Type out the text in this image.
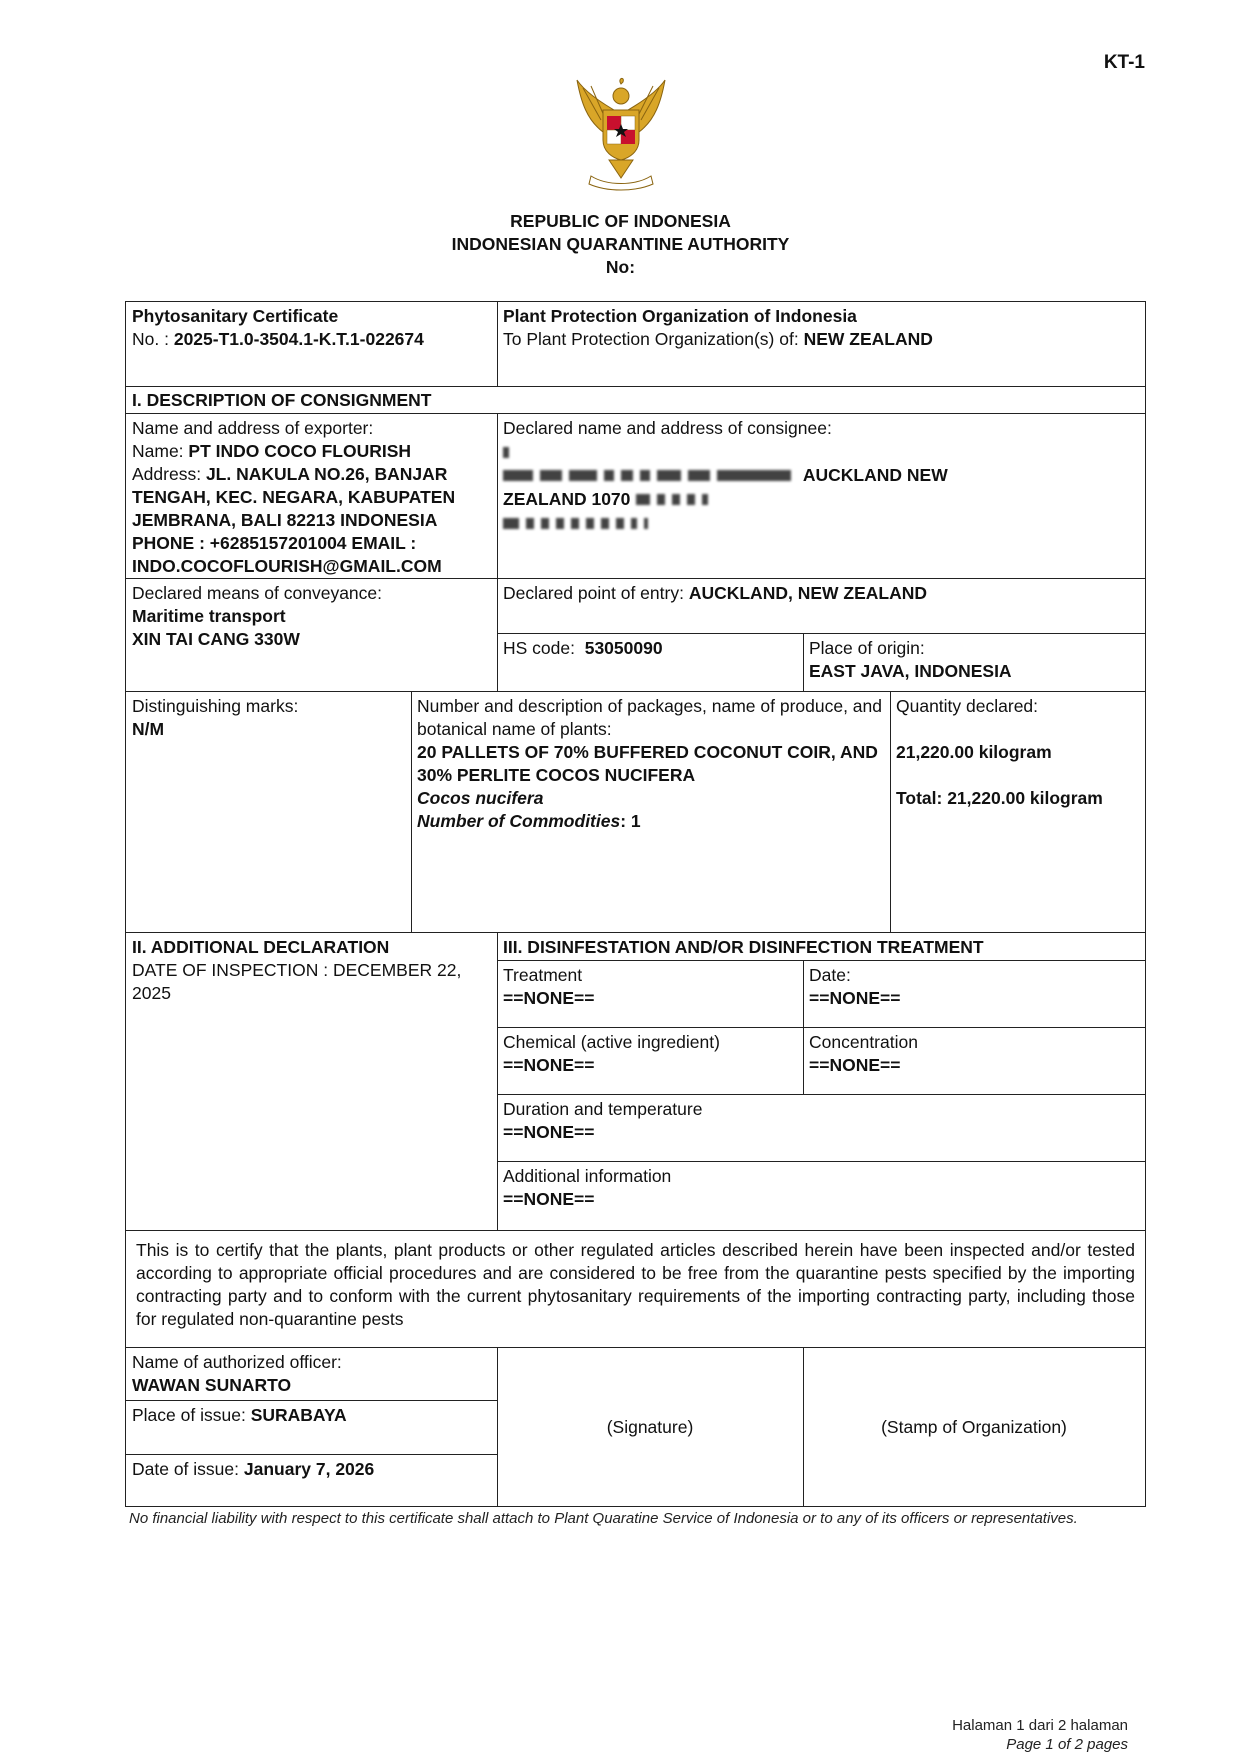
KT-1
REPUBLIC OF INDONESIA
INDONESIAN QUARANTINE AUTHORITY
No:
Phytosanitary Certificate
No. : 2025-T1.0-3504.1-K.T.1-022674
Plant Protection Organization of Indonesia
To Plant Protection Organization(s) of: NEW ZEALAND
I. DESCRIPTION OF CONSIGNMENT
Name and address of exporter:
Name: PT INDO COCO FLOURISH
Address: JL. NAKULA NO.26, BANJAR TENGAH, KEC. NEGARA, KABUPATEN JEMBRANA, BALI 82213 INDONESIA
PHONE : +6285157201004 EMAIL : INDO.COCOFLOURISH@GMAIL.COM
Declared name and address of consignee:
AUCKLAND NEW
ZEALAND 1070
Declared means of conveyance:
Maritime transport
XIN TAI CANG 330W
Declared point of entry: AUCKLAND, NEW ZEALAND
HS code: 53050090	Place of origin:
EAST JAVA, INDONESIA
Distinguishing marks:
N/M
Number and description of packages, name of produce, and botanical name of plants:
20 PALLETS OF 70% BUFFERED COCONUT COIR, AND 30% PERLITE COCOS NUCIFERA
Cocos nucifera
Number of Commodities: 1
Quantity declared:
21,220.00 kilogram
Total: 21,220.00 kilogram
II. ADDITIONAL DECLARATION
DATE OF INSPECTION : DECEMBER 22, 2025
III. DISINFESTATION AND/OR DISINFECTION TREATMENT
Treatment
==NONE==
Date:
==NONE==
Chemical (active ingredient)
==NONE==
Concentration
==NONE==
Duration and temperature
==NONE==
Additional information
==NONE==
This is to certify that the plants, plant products or other regulated articles described herein have been inspected and/or tested according to appropriate official procedures and are considered to be free from the quarantine pests specified by the importing contracting party and to conform with the current phytosanitary requirements of the importing contracting party, including those for regulated non-quarantine pests
Name of authorized officer:
WAWAN SUNARTO
Place of issue: SURABAYA
Date of issue: January 7, 2026
(Signature)	(Stamp of Organization)
No financial liability with respect to this certificate shall attach to Plant Quaratine Service of Indonesia or to any of its officers or representatives.
Halaman 1 dari 2 halaman
Page 1 of 2 pages
